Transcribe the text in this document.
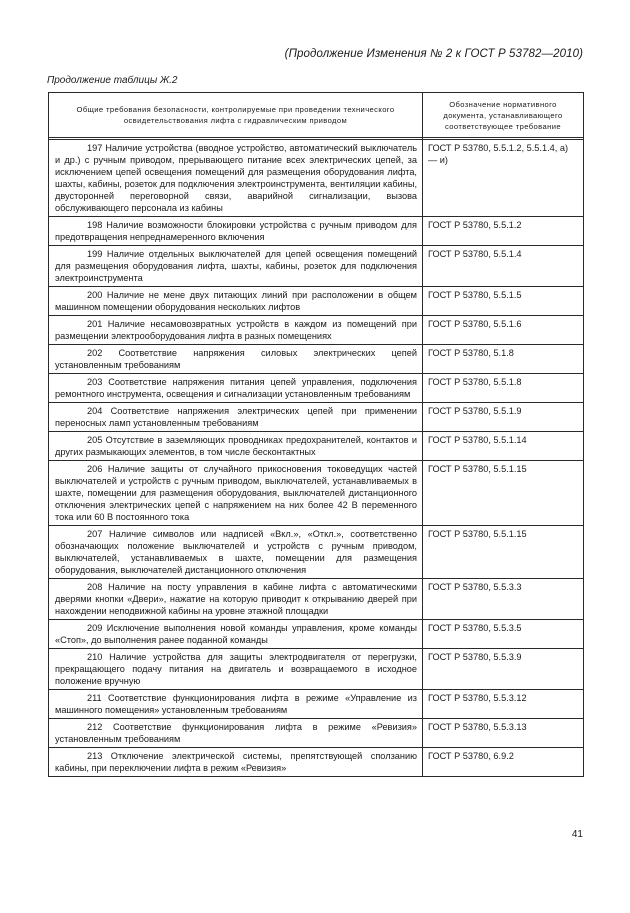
(Продолжение Изменения № 2 к ГОСТ Р 53782—2010)
Продолжение таблицы Ж.2
Общие требования безопасности, контролируемые при проведении технического освидетельствования лифта с гидравлическим приводом	Обозначение нормативного документа, устанавливающего соответствующее требование

197 Наличие устройства (вводное устройство, автоматический выключатель и др.) с ручным приводом, прерывающего питание всех электрических цепей, за исключением цепей освещения помещений для размещения оборудования лифта, шахты, кабины, розеток для подключения электроинструмента, вентиляции кабины, двусторонней переговорной связи, аварийной сигнализации, вызова обслуживающего персонала из кабины	ГОСТ Р 53780, 5.5.1.2, 5.5.1.4, а) — и)
198 Наличие возможности блокировки устройства с ручным приводом для предотвращения непреднамеренного включения	ГОСТ Р 53780, 5.5.1.2
199 Наличие отдельных выключателей для цепей освещения помещений для размещения оборудования лифта, шахты, кабины, розеток для подключения электроинструмента	ГОСТ Р 53780, 5.5.1.4
200 Наличие не мене двух питающих линий при расположении в общем машинном помещении оборудования нескольких лифтов	ГОСТ Р 53780, 5.5.1.5
201 Наличие несамовозвратных устройств в каждом из помещений при размещении электрооборудования лифта в разных помещениях	ГОСТ Р 53780, 5.5.1.6
202 Соответствие напряжения силовых электрических цепей установленным требованиям	ГОСТ Р 53780, 5.1.8
203 Соответствие напряжения питания цепей управления, подключения ремонтного инструмента, освещения и сигнализации установленным требованиям	ГОСТ Р 53780, 5.5.1.8
204 Соответствие напряжения электрических цепей при применении переносных ламп установленным требованиям	ГОСТ Р 53780, 5.5.1.9
205 Отсутствие в заземляющих проводниках предохранителей, контактов и других размыкающих элементов, в том числе бесконтактных	ГОСТ Р 53780, 5.5.1.14
206 Наличие защиты от случайного прикосновения токоведущих частей выключателей и устройств с ручным приводом, выключателей, устанавливаемых в шахте, помещении для размещения оборудования, выключателей дистанционного отключения электрических цепей с напряжением на них более 42 В переменного тока или 60 В постоянного тока	ГОСТ Р 53780, 5.5.1.15
207 Наличие символов или надписей «Вкл.», «Откл.», соответственно обозначающих положение выключателей и устройств с ручным приводом, выключателей, устанавливаемых в шахте, помещении для размещения оборудования, выключателей дистанционного отключения	ГОСТ Р 53780, 5.5.1.15
208 Наличие на посту управления в кабине лифта с автоматическими дверями кнопки «Двери», нажатие на которую приводит к открыванию дверей при нахождении неподвижной кабины на уровне этажной площадки	ГОСТ Р 53780, 5.5.3.3
209 Исключение выполнения новой команды управления, кроме команды «Стоп», до выполнения ранее поданной команды	ГОСТ Р 53780, 5.5.3.5
210 Наличие устройства для защиты электродвигателя от перегрузки, прекращающего подачу питания на двигатель и возвращаемого в исходное положение вручную	ГОСТ Р 53780, 5.5.3.9
211 Соответствие функционирования лифта в режиме «Управление из машинного помещения» установленным требованиям	ГОСТ Р 53780, 5.5.3.12
212 Соответствие функционирования лифта в режиме «Ревизия» установленным требованиям	ГОСТ Р 53780, 5.5.3.13
213 Отключение электрической системы, препятствующей сползанию кабины, при переключении лифта в режим «Ревизия»	ГОСТ Р 53780, 6.9.2
41
